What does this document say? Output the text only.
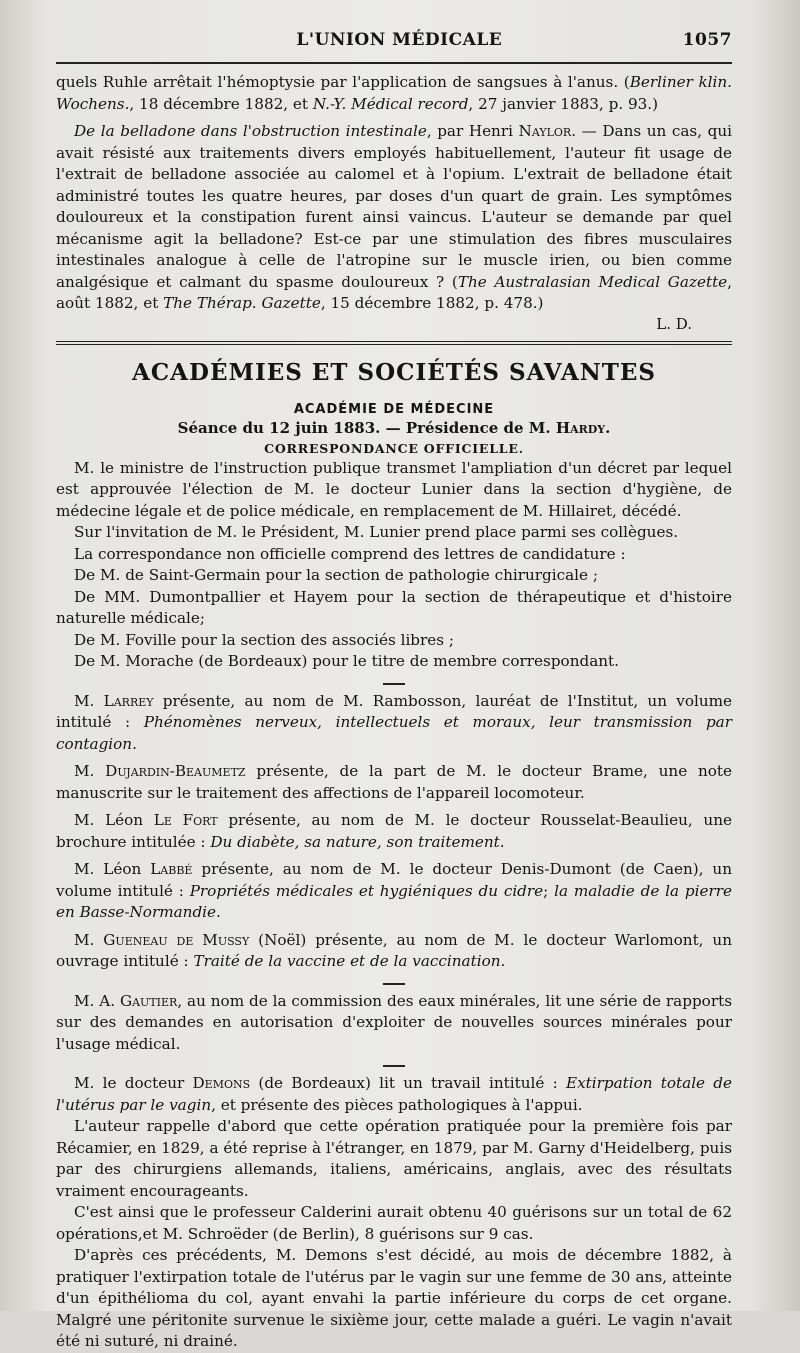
L'UNION MÉDICALE	1057

quels Ruhle arrêtait l'hémoptysie par l'application de sangsues à l'anus. (Berliner klin. Wochens., 18 décembre 1882, et N.-Y. Médical record, 27 janvier 1883, p. 93.)

De la belladone dans l'obstruction intestinale, par Henri Naylor. — Dans un cas, qui avait résisté aux traitements divers employés habituellement, l'auteur fit usage de l'extrait de belladone associée au calomel et à l'opium. L'extrait de belladone était administré toutes les quatre heures, par doses d'un quart de grain. Les symptômes douloureux et la constipation furent ainsi vaincus. L'auteur se demande par quel mécanisme agit la belladone? Est-ce par une stimulation des fibres musculaires intestinales analogue à celle de l'atropine sur le muscle irien, ou bien comme analgésique et calmant du spasme douloureux ? (The Australasian Medical Gazette, août 1882, et The Thérap. Gazette, 15 décembre 1882, p. 478.)

L. D.
ACADÉMIES ET SOCIÉTÉS SAVANTES
ACADÉMIE DE MÉDECINE
Séance du 12 juin 1883. — Présidence de M. Hardy.
CORRESPONDANCE OFFICIELLE.

M. le ministre de l'instruction publique transmet l'ampliation d'un décret par lequel est approuvée l'élection de M. le docteur Lunier dans la section d'hygiène, de médecine légale et de police médicale, en remplacement de M. Hillairet, décédé.

Sur l'invitation de M. le Président, M. Lunier prend place parmi ses collègues.

La correspondance non officielle comprend des lettres de candidature :

De M. de Saint-Germain pour la section de pathologie chirurgicale ;

De MM. Dumontpallier et Hayem pour la section de thérapeutique et d'histoire naturelle médicale;

De M. Foville pour la section des associés libres ;

De M. Morache (de Bordeaux) pour le titre de membre correspondant.

M. Larrey présente, au nom de M. Rambosson, lauréat de l'Institut, un volume intitulé : Phénomènes nerveux, intellectuels et moraux, leur transmission par contagion.

M. Dujardin-Beaumetz présente, de la part de M. le docteur Brame, une note manuscrite sur le traitement des affections de l'appareil locomoteur.

M. Léon Le Fort présente, au nom de M. le docteur Rousselat-Beaulieu, une brochure intitulée : Du diabète, sa nature, son traitement.

M. Léon Labbé présente, au nom de M. le docteur Denis-Dumont (de Caen), un volume intitulé : Propriétés médicales et hygiéniques du cidre; la maladie de la pierre en Basse-Normandie.

M. Gueneau de Mussy (Noël) présente, au nom de M. le docteur Warlomont, un ouvrage intitulé : Traité de la vaccine et de la vaccination.

M. A. Gautier, au nom de la commission des eaux minérales, lit une série de rapports sur des demandes en autorisation d'exploiter de nouvelles sources minérales pour l'usage médical.

M. le docteur Demons (de Bordeaux) lit un travail intitulé : Extirpation totale de l'utérus par le vagin, et présente des pièces pathologiques à l'appui.

L'auteur rappelle d'abord que cette opération pratiquée pour la première fois par Récamier, en 1829, a été reprise à l'étranger, en 1879, par M. Garny d'Heidelberg, puis par des chirurgiens allemands, italiens, américains, anglais, avec des résultats vraiment encourageants.

C'est ainsi que le professeur Calderini aurait obtenu 40 guérisons sur un total de 62 opérations,et M. Schroëder (de Berlin), 8 guérisons sur 9 cas.

D'après ces précédents, M. Demons s'est décidé, au mois de décembre 1882, à pratiquer l'extirpation totale de l'utérus par le vagin sur une femme de 30 ans, atteinte d'un épithélioma du col, ayant envahi la partie inférieure du corps de cet organe. Malgré une péritonite survenue le sixième jour, cette malade a guéri. Le vagin n'avait été ni suturé, ni drainé.
